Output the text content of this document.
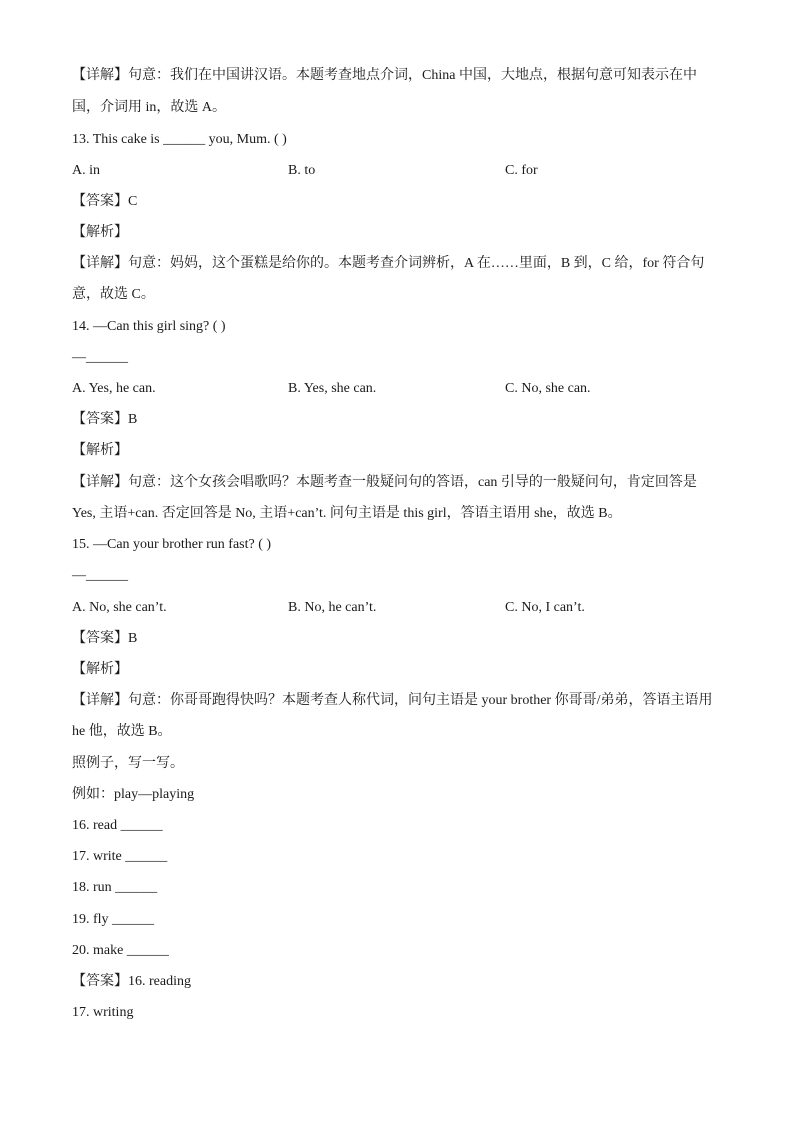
【详解】句意：我们在中国讲汉语。本题考查地点介词，China 中国，大地点，根据句意可知表示在中
国，介词用 in，故选 A。
13. This cake is ______ you, Mum. ( )
A. in	B. to	C. for
【答案】C
【解析】
【详解】句意：妈妈，这个蛋糕是给你的。本题考查介词辨析，A 在……里面，B 到，C 给，for 符合句
意，故选 C。
14. —Can this girl sing? ( )
—______
A. Yes, he can.	B. Yes, she can.	C. No, she can.
【答案】B
【解析】
【详解】句意：这个女孩会唱歌吗？本题考查一般疑问句的答语，can 引导的一般疑问句，肯定回答是
Yes, 主语+can. 否定回答是 No, 主语+can’t. 问句主语是 this girl，答语主语用 she，故选 B。
15. —Can your brother run fast? ( )
—______
A. No, she can’t.	B. No, he can’t.	C. No, I can’t.
【答案】B
【解析】
【详解】句意：你哥哥跑得快吗？本题考查人称代词，问句主语是 your brother 你哥哥/弟弟，答语主语用
he 他，故选 B。
照例子，写一写。
例如：play—playing
16. read ______
17. write ______
18. run ______
19. fly ______
20. make ______
【答案】16. reading
17. writing
